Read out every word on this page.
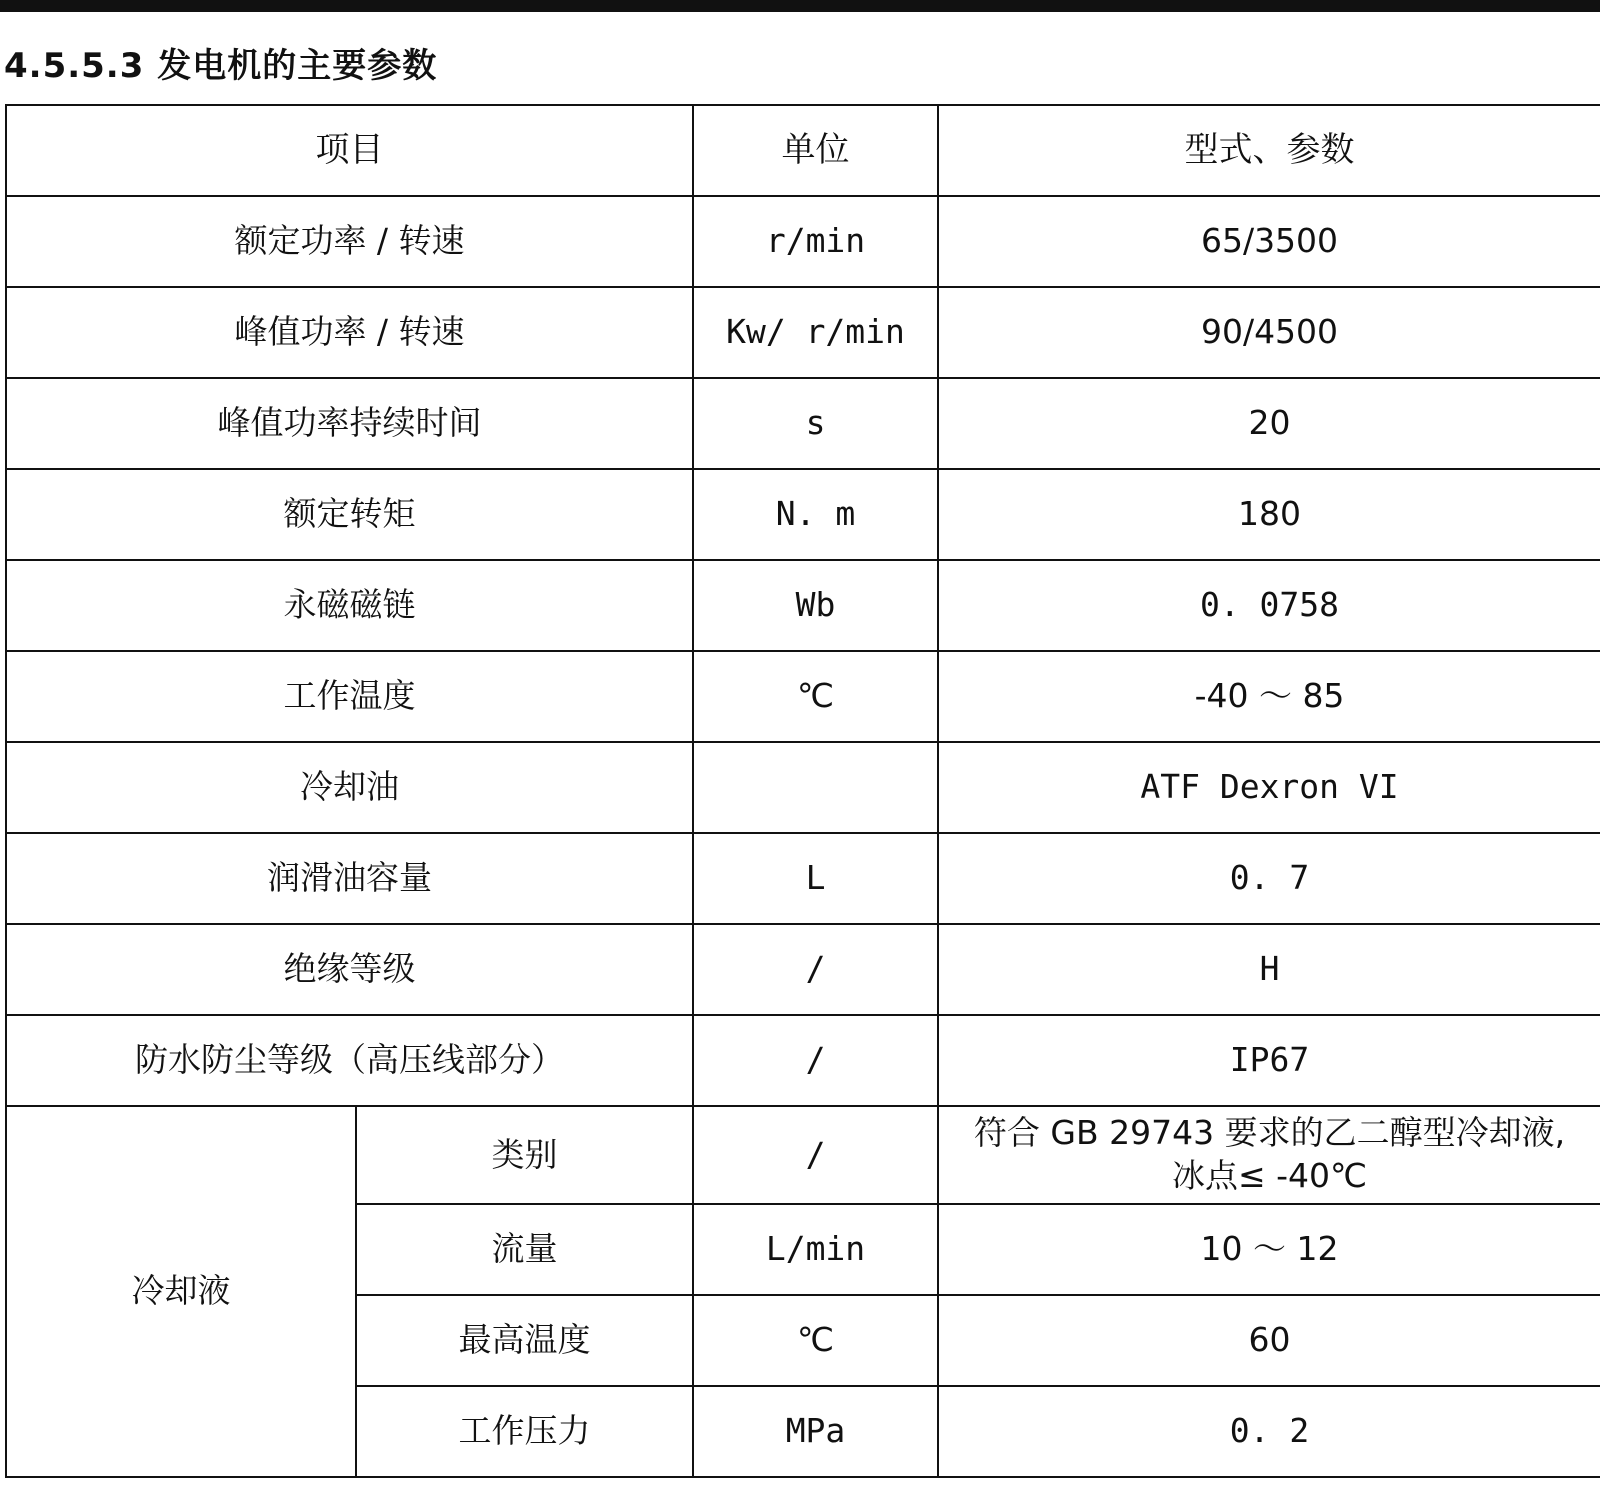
4.5.5.3 发电机的主要参数
项目		单位	型式、参数
额定功率 / 转速		r/min	65/3500
峰值功率 / 转速		Kw/ r/min	90/4500
峰值功率持续时间		s	20
额定转矩		N. m	180
永磁磁链		Wb	0. 0758
工作温度		℃	-40 ～ 85
冷却油			ATF Dexron VI
润滑油容量		L	0. 7
绝缘等级		/	H
防水防尘等级（高压线部分）		/	IP67
冷却液	类别	/	符合 GB 29743 要求的乙二醇型冷却液,
冰点≤ -40℃
	流量	L/min	10 ～ 12
	最高温度	℃	60
	工作压力	MPa	0. 2
